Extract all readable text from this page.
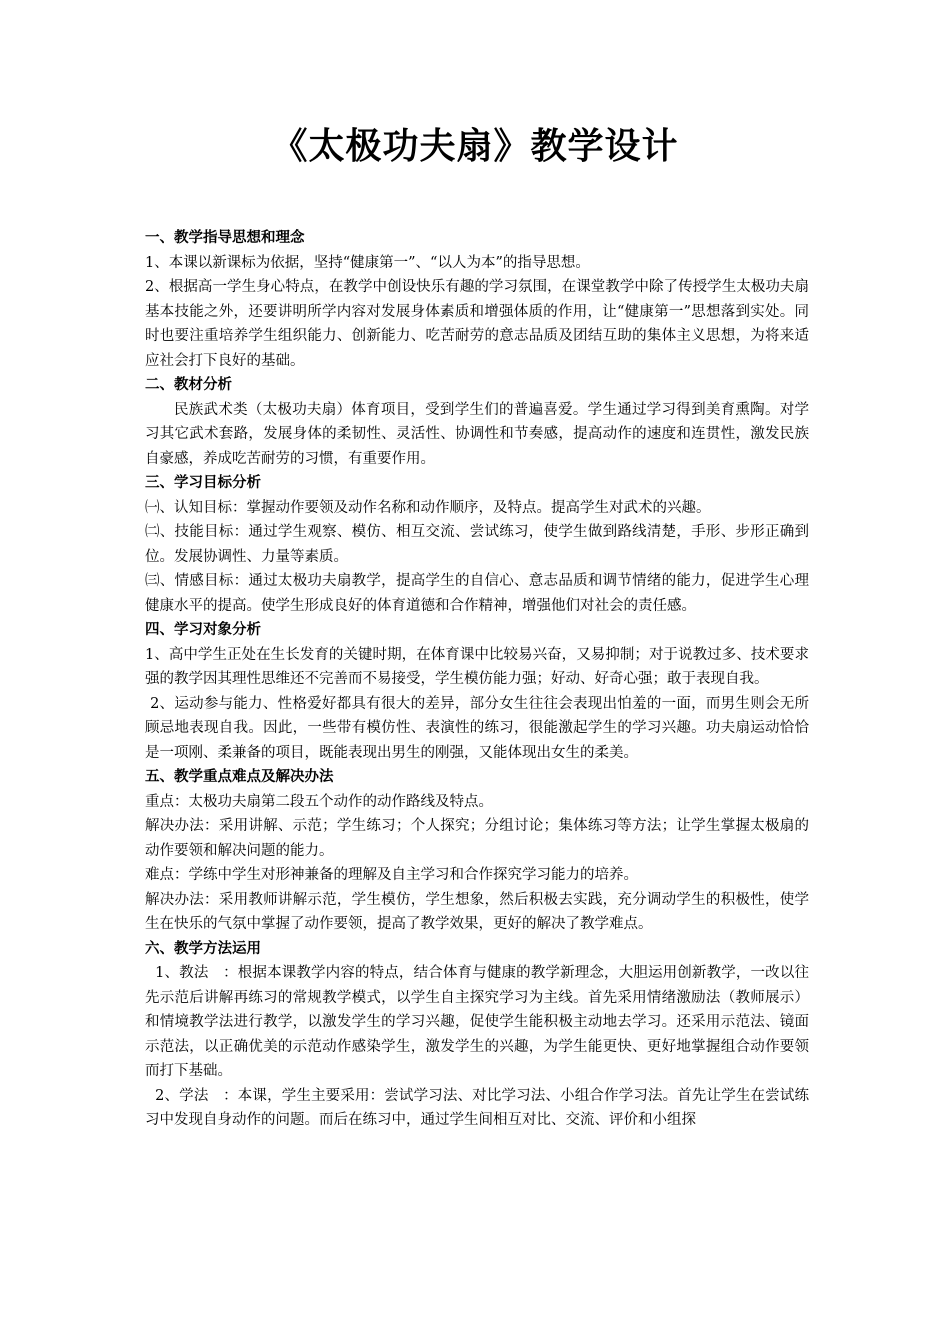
《太极功夫扇》教学设计
一、教学指导思想和理念
1、本课以新课标为依据，坚持“健康第一”、“以人为本”的指导思想。
2、根据高一学生身心特点，在教学中创设快乐有趣的学习氛围，在课堂教学中除了传授学生太极功夫扇基本技能之外，还要讲明所学内容对发展身体素质和增强体质的作用，让“健康第一”思想落到实处。同时也要注重培养学生组织能力、创新能力、吃苦耐劳的意志品质及团结互助的集体主义思想，为将来适应社会打下良好的基础。
二、教材分析
民族武术类（太极功夫扇）体育项目，受到学生们的普遍喜爱。学生通过学习得到美育熏陶。对学习其它武术套路，发展身体的柔韧性、灵活性、协调性和节奏感，提高动作的速度和连贯性，激发民族自豪感，养成吃苦耐劳的习惯，有重要作用。
三、学习目标分析
㈠、认知目标：掌握动作要领及动作名称和动作顺序，及特点。提高学生对武术的兴趣。
㈡、技能目标：通过学生观察、模仿、相互交流、尝试练习，使学生做到路线清楚，手形、步形正确到位。发展协调性、力量等素质。
㈢、情感目标：通过太极功夫扇教学，提高学生的自信心、意志品质和调节情绪的能力，促进学生心理健康水平的提高。使学生形成良好的体育道德和合作精神，增强他们对社会的责任感。
四、学习对象分析
1、高中学生正处在生长发育的关键时期，在体育课中比较易兴奋，又易抑制；对于说教过多、技术要求强的教学因其理性思维还不完善而不易接受，学生模仿能力强；好动、好奇心强；敢于表现自我。
2、运动参与能力、性格爱好都具有很大的差异，部分女生往往会表现出怕羞的一面，而男生则会无所顾忌地表现自我。因此，一些带有模仿性、表演性的练习，很能激起学生的学习兴趣。功夫扇运动恰恰是一项刚、柔兼备的项目，既能表现出男生的刚强，又能体现出女生的柔美。
五、教学重点难点及解决办法
重点：太极功夫扇第二段五个动作的动作路线及特点。
解决办法：采用讲解、示范；学生练习；个人探究；分组讨论；集体练习等方法；让学生掌握太极扇的动作要领和解决问题的能力。
难点：学练中学生对形神兼备的理解及自主学习和合作探究学习能力的培养。
解决办法：采用教师讲解示范，学生模仿，学生想象，然后积极去实践，充分调动学生的积极性，使学生在快乐的气氛中掌握了动作要领，提高了教学效果，更好的解决了教学难点。
六、教学方法运用
1、教法　：根据本课教学内容的特点，结合体育与健康的教学新理念，大胆运用创新教学，一改以往先示范后讲解再练习的常规教学模式，以学生自主探究学习为主线。首先采用情绪激励法（教师展示）和情境教学法进行教学，以激发学生的学习兴趣，促使学生能积极主动地去学习。还采用示范法、镜面示范法，以正确优美的示范动作感染学生，激发学生的兴趣，为学生能更快、更好地掌握组合动作要领而打下基础。
2、学法　：本课，学生主要采用：尝试学习法、对比学习法、小组合作学习法。首先让学生在尝试练习中发现自身动作的问题。而后在练习中，通过学生间相互对比、交流、评价和小组探
